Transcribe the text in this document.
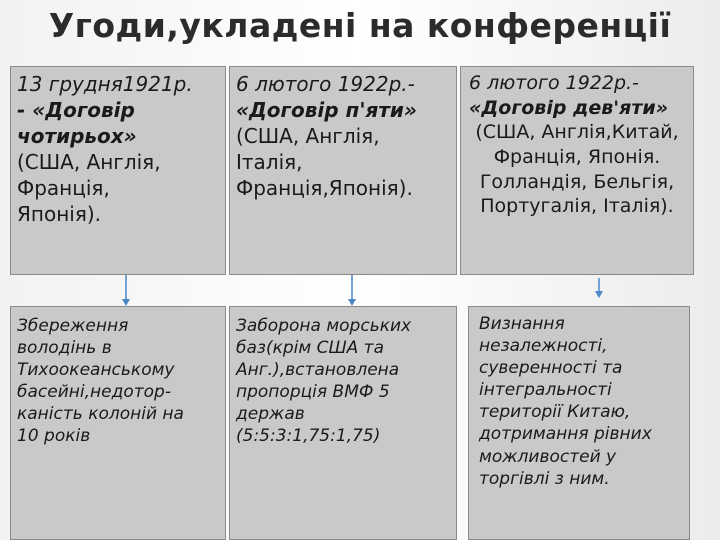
Угоди,укладені на конференції
13 грудня1921р.
- «Договір
чотирьох»
(США, Англія,
Франція,
Японія).
6 лютого 1922р.-
«Договір п'яти»
(США, Англія,
Італія,
Франція,Японія).
6 лютого 1922р.-
«Договір дев'яти»
(США, Англія,Китай,
Франція, Японія.
Голландія, Бельгія,
Португалія, Італія).
Збереження
володінь в
Тихоокеанському
басейні,недотор-
каність колоній на
10 років
Заборона морських
баз(крім США та
Анг.),встановлена
пропорція ВМФ 5
держав
(5:5:3:1,75:1,75)
Визнання
незалежності,
суверенності та
інтегральності
території Китаю,
дотримання рівних
можливостей у
торгівлі з ним.
